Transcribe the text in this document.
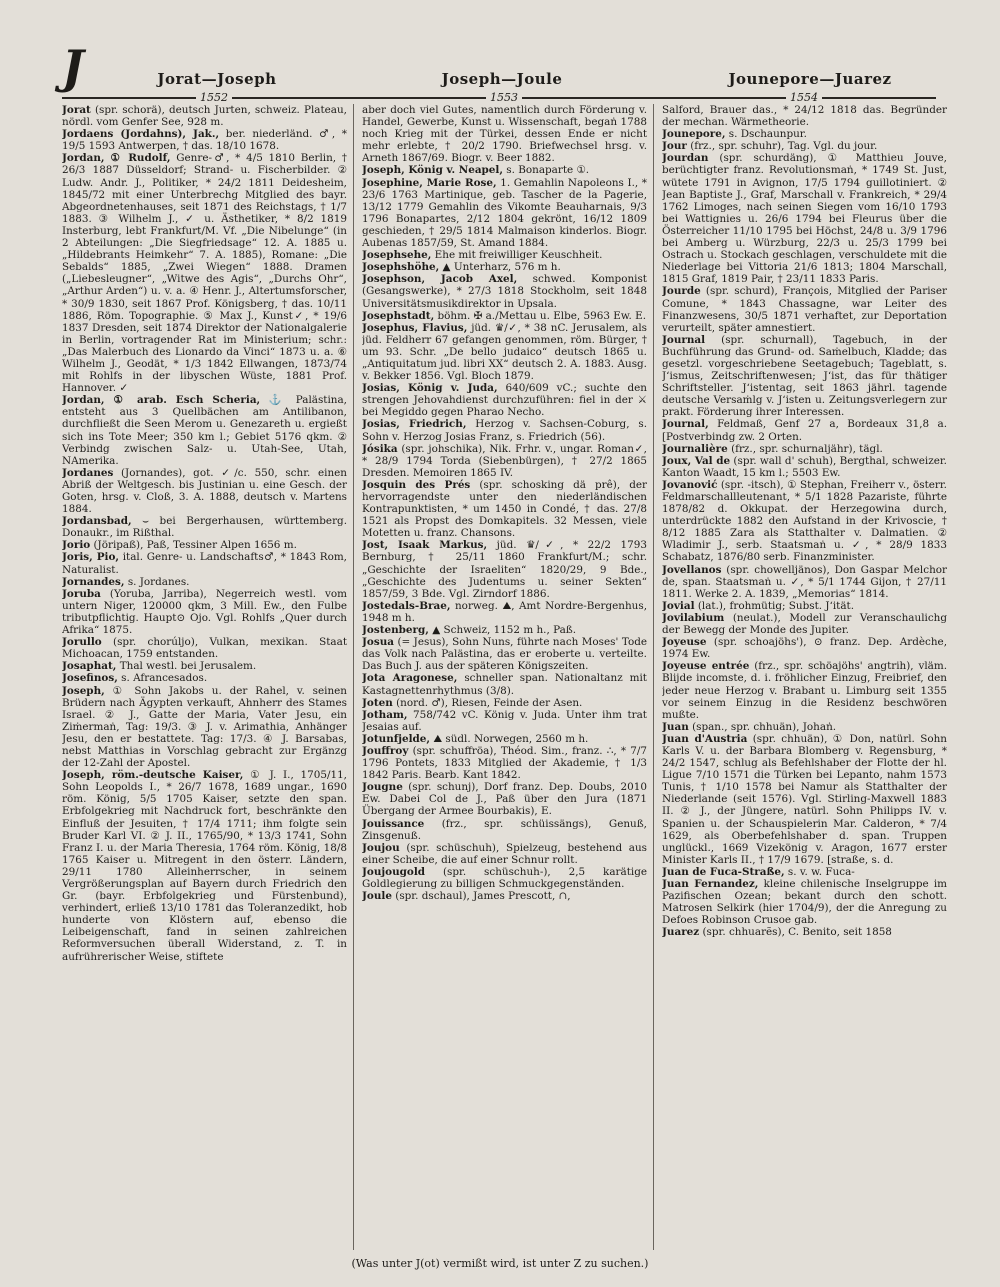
J	Jorat—Joseph	Joseph—Joule	Jounepore—Juarez
1552	1553	1554

Jorat (spr. schorä), deutsch Jurten, schweiz. Plateau, nördl. vom Genfer See, 928 m.

Jordaens (Jordahns), Jak., ber. niederländ. ♂, * 19/5 1593 Antwerpen, † das. 18/10 1678.

Jordan, ① Rudolf, Genre-♂, * 4/5 1810 Berlin, † 26/3 1887 Düsseldorf; Strand- u. Fischerbilder. ② Ludw. Andr. J., Politiker, * 24/2 1811 Deidesheim, 1845/72 mit einer Unterbrechg Mitglied des bayr. Abgeordnetenhauses, seit 1871 des Reichstags, † 1/7 1883. ③ Wilhelm J., ✓ u. Ästhetiker, * 8/2 1819 Insterburg, lebt Frankfurt/M. Vf. „Die Nibelunge“ (in 2 Abteilungen: „Die Siegfriedsage“ 12. A. 1885 u. „Hildebrants Heimkehr“ 7. A. 1885), Romane: „Die Sebalds“ 1885, „Zwei Wiegen“ 1888. Dramen („Liebesleugner“, „Witwe des Agis“, „Durchs Ohr“, „Arthur Arden“) u. v. a. ④ Henr. J., Altertumsforscher, * 30/9 1830, seit 1867 Prof. Königsberg, † das. 10/11 1886, Röm. Topographie. ⑤ Max J., Kunst✓, * 19/6 1837 Dresden, seit 1874 Direktor der Nationalgalerie in Berlin, vortragender Rat im Ministerium; schr.: „Das Malerbuch des Lionardo da Vinci“ 1873 u. a. ⑥ Wilhelm J., Geodät, * 1/3 1842 Ellwangen, 1873/74 mit Rohlfs in der libyschen Wüste, 1881 Prof. Hannover. ✓

Jordan, ① arab. Esch Scheria, ⚓ Palästina, entsteht aus 3 Quellbächen am Antilibanon, durchfließt die Seen Merom u. Genezareth u. ergießt sich ins Tote Meer; 350 km l.; Gebiet 5176 qkm. ② Verbindg zwischen Salz- u. Utah-See, Utah, NAmerika.

Jordanes (Jornandes), got. ✓/c. 550, schr. einen Abriß der Weltgesch. bis Justinian u. eine Gesch. der Goten, hrsg. v. Cloß, 3. A. 1888, deutsch v. Martens 1884.

Jordansbad, ⌣ bei Bergerhausen, württemberg. Donaukr., im Rißthal.

Jorio (Jöripaß), Paß, Tessiner Alpen 1656 m.

Joris, Pio, ital. Genre- u. Landschafts♂, * 1843 Rom, Naturalist.

Jornandes, s. Jordanes.

Joruba (Yoruba, Jarriba), Negerreich westl. vom untern Niger, 120000 qkm, 3 Mill. Ew., den Fulbe tributpflichtig. Haupt⊙ Ojo. Vgl. Rohlfs „Quer durch Afrika“ 1875.

Jorullo (spr. chorúljo), Vulkan, mexikan. Staat Michoacan, 1759 entstanden.

Josaphat, Thal westl. bei Jerusalem.

Josefinos, s. Afrancesados.

Joseph, ① Sohn Jakobs u. der Rahel, v. seinen Brüdern nach Ägypten verkauft, Ahnherr des Stames Israel. ② J., Gatte der Maria, Vater Jesu, ein Ziṁermaṅ, Tag: 19/3. ③ J. v. Arimathia, Anhänger Jesu, den er bestattete. Tag: 17/3. ④ J. Barsabas, nebst Matthias in Vorschlag gebracht zur Ergänzg der 12-Zahl der Apostel.

Joseph, röm.-deutsche Kaiser, ① J. I., 1705/11, Sohn Leopolds I., * 26/7 1678, 1689 ungar., 1690 röm. König, 5/5 1705 Kaiser, setzte den span. Erbfolgekrieg mit Nachdruck fort, beschränkte den Einfluß der Jesuiten, † 17/4 1711; ihm folgte sein Bruder Karl VI. ② J. II., 1765/90, * 13/3 1741, Sohn Franz I. u. der Maria Theresia, 1764 röm. König, 18/8 1765 Kaiser u. Mitregent in den österr. Ländern, 29/11 1780 Alleinherrscher, in seinem Vergrößerungsplan auf Bayern durch Friedrich den Gr. (bayr. Erbfolgekrieg und Fürstenbund), verhindert, erließ 13/10 1781 das Toleranzedikt, hob hunderte von Klöstern auf, ebenso die Leibeigenschaft, fand in seinen zahlreichen Reformversuchen überall Widerstand, z. T. in aufrührerischer Weise, stiftete

aber doch viel Gutes, namentlich durch Förderung v. Handel, Gewerbe, Kunst u. Wissenschaft, begaṅ 1788 noch Krieg mit der Türkei, dessen Ende er nicht mehr erlebte, † 20/2 1790. Briefwechsel hrsg. v. Arneth 1867/69. Biogr. v. Beer 1882.

Joseph, König v. Neapel, s. Bonaparte ①.

Josephine, Marie Rose, 1. Gemahlin Napoleons I., * 23/6 1763 Martinique, geb. Tascher de la Pagerie, 13/12 1779 Gemahlin des Vikomte Beauharnais, 9/3 1796 Bonapartes, 2/12 1804 gekrönt, 16/12 1809 geschieden, † 29/5 1814 Malmaison kinderlos. Biogr. Aubenas 1857/59, St. Amand 1884.

Josephsehe, Ehe mit freiwilliger Keuschheit.

Josephshöhe, ▲ Unterharz, 576 m h.

Josephson, Jacob Axel, schwed. Komponist (Gesangswerke), * 27/3 1818 Stockholm, seit 1848 Universitätsmusikdirektor in Upsala.

Josephstadt, böhm. ✠ a./Mettau u. Elbe, 5963 Ew. E.

Josephus, Flavius, jüd. ♛/✓, * 38 nC. Jerusalem, als jüd. Feldherr 67 gefangen genommen, röm. Bürger, † um 93. Schr. „De bello judaico“ deutsch 1865 u. „Antiquitatum jud. libri XX“ deutsch 2. A. 1883. Ausg. v. Bekker 1856. Vgl. Bloch 1879.

Josias, König v. Juda, 640/609 vC.; suchte den strengen Jehovahdienst durchzuführen: fiel in der ⚔ bei Megiddo gegen Pharao Necho.

Josias, Friedrich, Herzog v. Sachsen-Coburg, s. Sohn v. Herzog Josias Franz, s. Friedrich (56).

Jósika (spr. johschika), Nik. Frhr. v., ungar. Roman✓, * 28/9 1794 Torda (Siebenbürgen), † 27/2 1865 Dresden. Memoiren 1865 IV.

Josquin des Prés (spr. schosking dä prê), der hervorragendste unter den niederländischen Kontrapunktisten, * um 1450 in Condé, † das. 27/8 1521 als Propst des Domkapitels. 32 Messen, viele Motetten u. franz. Chansons.

Jost, Isaak Markus, jüd. ♛/✓, * 22/2 1793 Bernburg, † 25/11 1860 Frankfurt/M.; schr. „Geschichte der Israeliten“ 1820/29, 9 Bde., „Geschichte des Judentums u. seiner Sekten“ 1857/59, 3 Bde. Vgl. Zirndorf 1886.

Jostedals-Brae, norweg. ⛰, Amt Nordre-Bergenhus, 1948 m h.

Jostenberg, ▲ Schweiz, 1152 m h., Paß.

Josua (= Jesus), Sohn Nuns, führte nach Moses' Tode das Volk nach Palästina, das er eroberte u. verteilte. Das Buch J. aus der späteren Königszeiten.

Jota Aragonese, schneller span. Nationaltanz mit Kastagnettenrhythmus (3/8).

Joten (nord. ♂), Riesen, Feinde der Asen.

Jotham, 758/742 vC. König v. Juda. Unter ihm trat Jesaias auf.

Jotunfjelde, ⛰ südl. Norwegen, 2560 m h.

Jouffroy (spr. schuffröa), Théod. Sim., franz. ∴, * 7/7 1796 Pontets, 1833 Mitglied der Akademie, † 1/3 1842 Paris. Bearb. Kant 1842.

Jougne (spr. schunj), Dorf franz. Dep. Doubs, 2010 Ew. Dabei Col de J., Paß über den Jura (1871 Übergang der Armee Bourbakis), E.

Jouissance (frz., spr. schüissängs), Genuß, Zinsgenuß.

Joujou (spr. schüschuh), Spielzeug, bestehend aus einer Scheibe, die auf einer Schnur rollt.

Joujougold (spr. schüschuh-), 2,5 karätige Goldlegierung zu billigen Schmuckgegenständen.

Joule (spr. dschaul), James Prescott, ∩,

Salford, Brauer das., * 24/12 1818 das. Begründer der mechan. Wärmetheorie.

Jounepore, s. Dschaunpur.

Jour (frz., spr. schuhr), Tag. Vgl. du jour.

Jourdan (spr. schurdäng), ① Matthieu Jouve, berüchtigter franz. Revolutionsmaṅ, * 1749 St. Just, wütete 1791 in Avignon, 17/5 1794 guillotiniert. ② Jean Baptiste J., Graf, Marschall v. Frankreich, * 29/4 1762 Limoges, nach seinen Siegen vom 16/10 1793 bei Wattignies u. 26/6 1794 bei Fleurus über die Österreicher 11/10 1795 bei Höchst, 24/8 u. 3/9 1796 bei Amberg u. Würzburg, 22/3 u. 25/3 1799 bei Ostrach u. Stockach geschlagen, verschuldete mit die Niederlage bei Vittoria 21/6 1813; 1804 Marschall, 1815 Graf, 1819 Pair, † 23/11 1833 Paris.

Jourde (spr. schurd), François, Mitglied der Pariser Comune, * 1843 Chassagne, war Leiter des Finanzwesens, 30/5 1871 verhaftet, zur Deportation verurteilt, später amnestiert.

Journal (spr. schurnall), Tagebuch, in der Buchführung das Grund- od. Saṁelbuch, Kladde; das gesetzl. vorgeschriebene Seetagebuch; Tageblatt, s. Jʻismus, Zeitschriftenwesen; Jʻist, das für thätiger Schriftsteller. Jʻistentag, seit 1863 jährl. tagende deutsche Versaṁlg v. Jʻisten u. Zeitungsverlegern zur prakt. Förderung ihrer Interessen.

Journal, Feldmaß, Genf 27 a, Bordeaux 31,8 a. [Postverbindg zw. 2 Orten.

Journalière (frz., spr. schurnaljähr), tägl.

Joux, Val de (spr. wall d' schuh), Bergthal, schweizer. Kanton Waadt, 15 km l.; 5503 Ew.

Jovanović (spr. -itsch), ① Stephan, Freiherr v., österr. Feldmarschallleutenant, * 5/1 1828 Pazariste, führte 1878/82 d. Okkupat. der Herzegowina durch, unterdrückte 1882 den Aufstand in der Krivoscie, † 8/12 1885 Zara als Statthalter v. Dalmatien. ② Wladimir J., serb. Staatsmaṅ u. ✓, * 28/9 1833 Schabatz, 1876/80 serb. Finanzminister.

Jovellanos (spr. chowelljänos), Don Gaspar Melchor de, span. Staatsmaṅ u. ✓, * 5/1 1744 Gijon, † 27/11 1811. Werke 2. A. 1839, „Memorias“ 1814.

Jovial (lat.), frohmütig; Subst. Jʻität.

Jovilabium (neulat.), Modell zur Veranschaulichg der Bewegg der Monde des Jupiter.

Joyeuse (spr. schoajöhs'), ⊙ franz. Dep. Ardèche, 1974 Ew.

Joyeuse entrée (frz., spr. schöajöhs' angtrih), vläm. Blijde incomste, d. i. fröhlicher Einzug, Freibrief, den jeder neue Herzog v. Brabant u. Limburg seit 1355 vor seinem Einzug in die Residenz beschwören mußte.

Juan (span., spr. chhuän), Johaṅ.

Juan d'Austria (spr. chhuän), ① Don, natürl. Sohn Karls V. u. der Barbara Blomberg v. Regensburg, * 24/2 1547, schlug als Befehlshaber der Flotte der hl. Ligue 7/10 1571 die Türken bei Lepanto, nahm 1573 Tunis, † 1/10 1578 bei Namur als Statthalter der Niederlande (seit 1576). Vgl. Stirling-Maxwell 1883 II. ② J., der Jüngere, natürl. Sohn Philipps IV. v. Spanien u. der Schauspielerin Mar. Calderon, * 7/4 1629, als Oberbefehlshaber d. span. Truppen unglückl., 1669 Vizekönig v. Aragon, 1677 erster Minister Karls II., † 17/9 1679. [straße, s. d.

Juan de Fuca-Straße, s. v. w. Fuca-

Juan Fernandez, kleine chilenische Inselgruppe im Pazifischen Ozean; bekant durch den schott. Matrosen Selkirk (hier 1704/9), der die Anregung zu Defoes Robinson Crusoe gab.

Juarez (spr. chhuarẽs), C. Benito, seit 1858

(Was unter J(ot) vermißt wird, ist unter Z zu suchen.)
